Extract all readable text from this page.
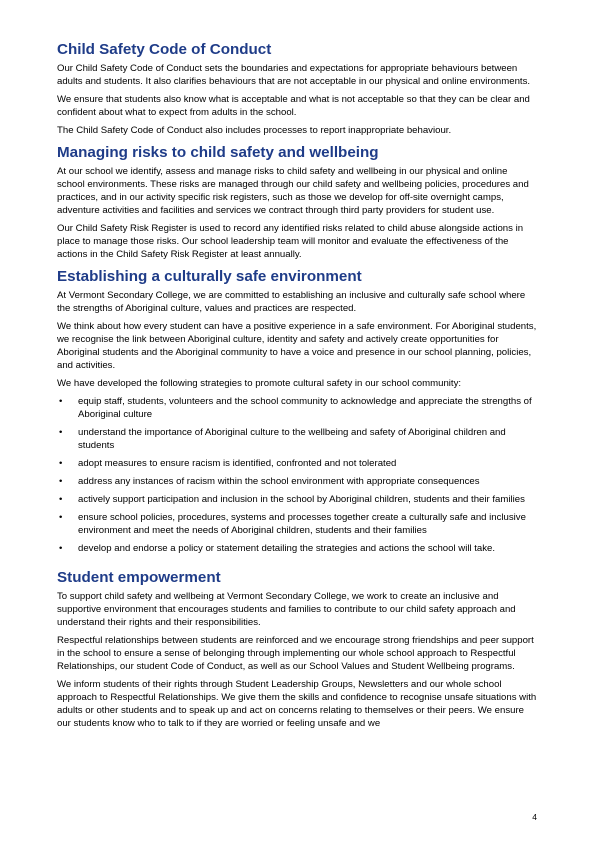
Child Safety Code of Conduct

Our Child Safety Code of Conduct sets the boundaries and expectations for appropriate behaviours between adults and students. It also clarifies behaviours that are not acceptable in our physical and online environments.

We ensure that students also know what is acceptable and what is not acceptable so that they can be clear and confident about what to expect from adults in the school.

The Child Safety Code of Conduct also includes processes to report inappropriate behaviour.

Managing risks to child safety and wellbeing

At our school we identify, assess and manage risks to child safety and wellbeing in our physical and online school environments. These risks are managed through our child safety and wellbeing policies, procedures and practices, and in our activity specific risk registers, such as those we develop for off-site overnight camps, adventure activities and facilities and services we contract through third party providers for student use.

Our Child Safety Risk Register is used to record any identified risks related to child abuse alongside actions in place to manage those risks. Our school leadership team will monitor and evaluate the effectiveness of the actions in the Child Safety Risk Register at least annually.

Establishing a culturally safe environment

At Vermont Secondary College, we are committed to establishing an inclusive and culturally safe school where the strengths of Aboriginal culture, values and practices are respected.

We think about how every student can have a positive experience in a safe environment. For Aboriginal students, we recognise the link between Aboriginal culture, identity and safety and actively create opportunities for Aboriginal students and the Aboriginal community to have a voice and presence in our school planning, policies, and activities.

We have developed the following strategies to promote cultural safety in our school community:

• equip staff, students, volunteers and the school community to acknowledge and appreciate the strengths of Aboriginal culture
• understand the importance of Aboriginal culture to the wellbeing and safety of Aboriginal children and students
• adopt measures to ensure racism is identified, confronted and not tolerated
• address any instances of racism within the school environment with appropriate consequences
• actively support participation and inclusion in the school by Aboriginal children, students and their families
• ensure school policies, procedures, systems and processes together create a culturally safe and inclusive environment and meet the needs of Aboriginal children, students and their families
• develop and endorse a policy or statement detailing the strategies and actions the school will take.
Student empowerment

To support child safety and wellbeing at Vermont Secondary College, we work to create an inclusive and supportive environment that encourages students and families to contribute to our child safety approach and understand their rights and their responsibilities.

Respectful relationships between students are reinforced and we encourage strong friendships and peer support in the school to ensure a sense of belonging through implementing our whole school approach to Respectful Relationships, our student Code of Conduct, as well as our School Values and Student Wellbeing programs.

We inform students of their rights through Student Leadership Groups, Newsletters and our whole school approach to Respectful Relationships. We give them the skills and confidence to recognise unsafe situations with adults or other students and to speak up and act on concerns relating to themselves or their peers. We ensure our students know who to talk to if they are worried or feeling unsafe and we

4
